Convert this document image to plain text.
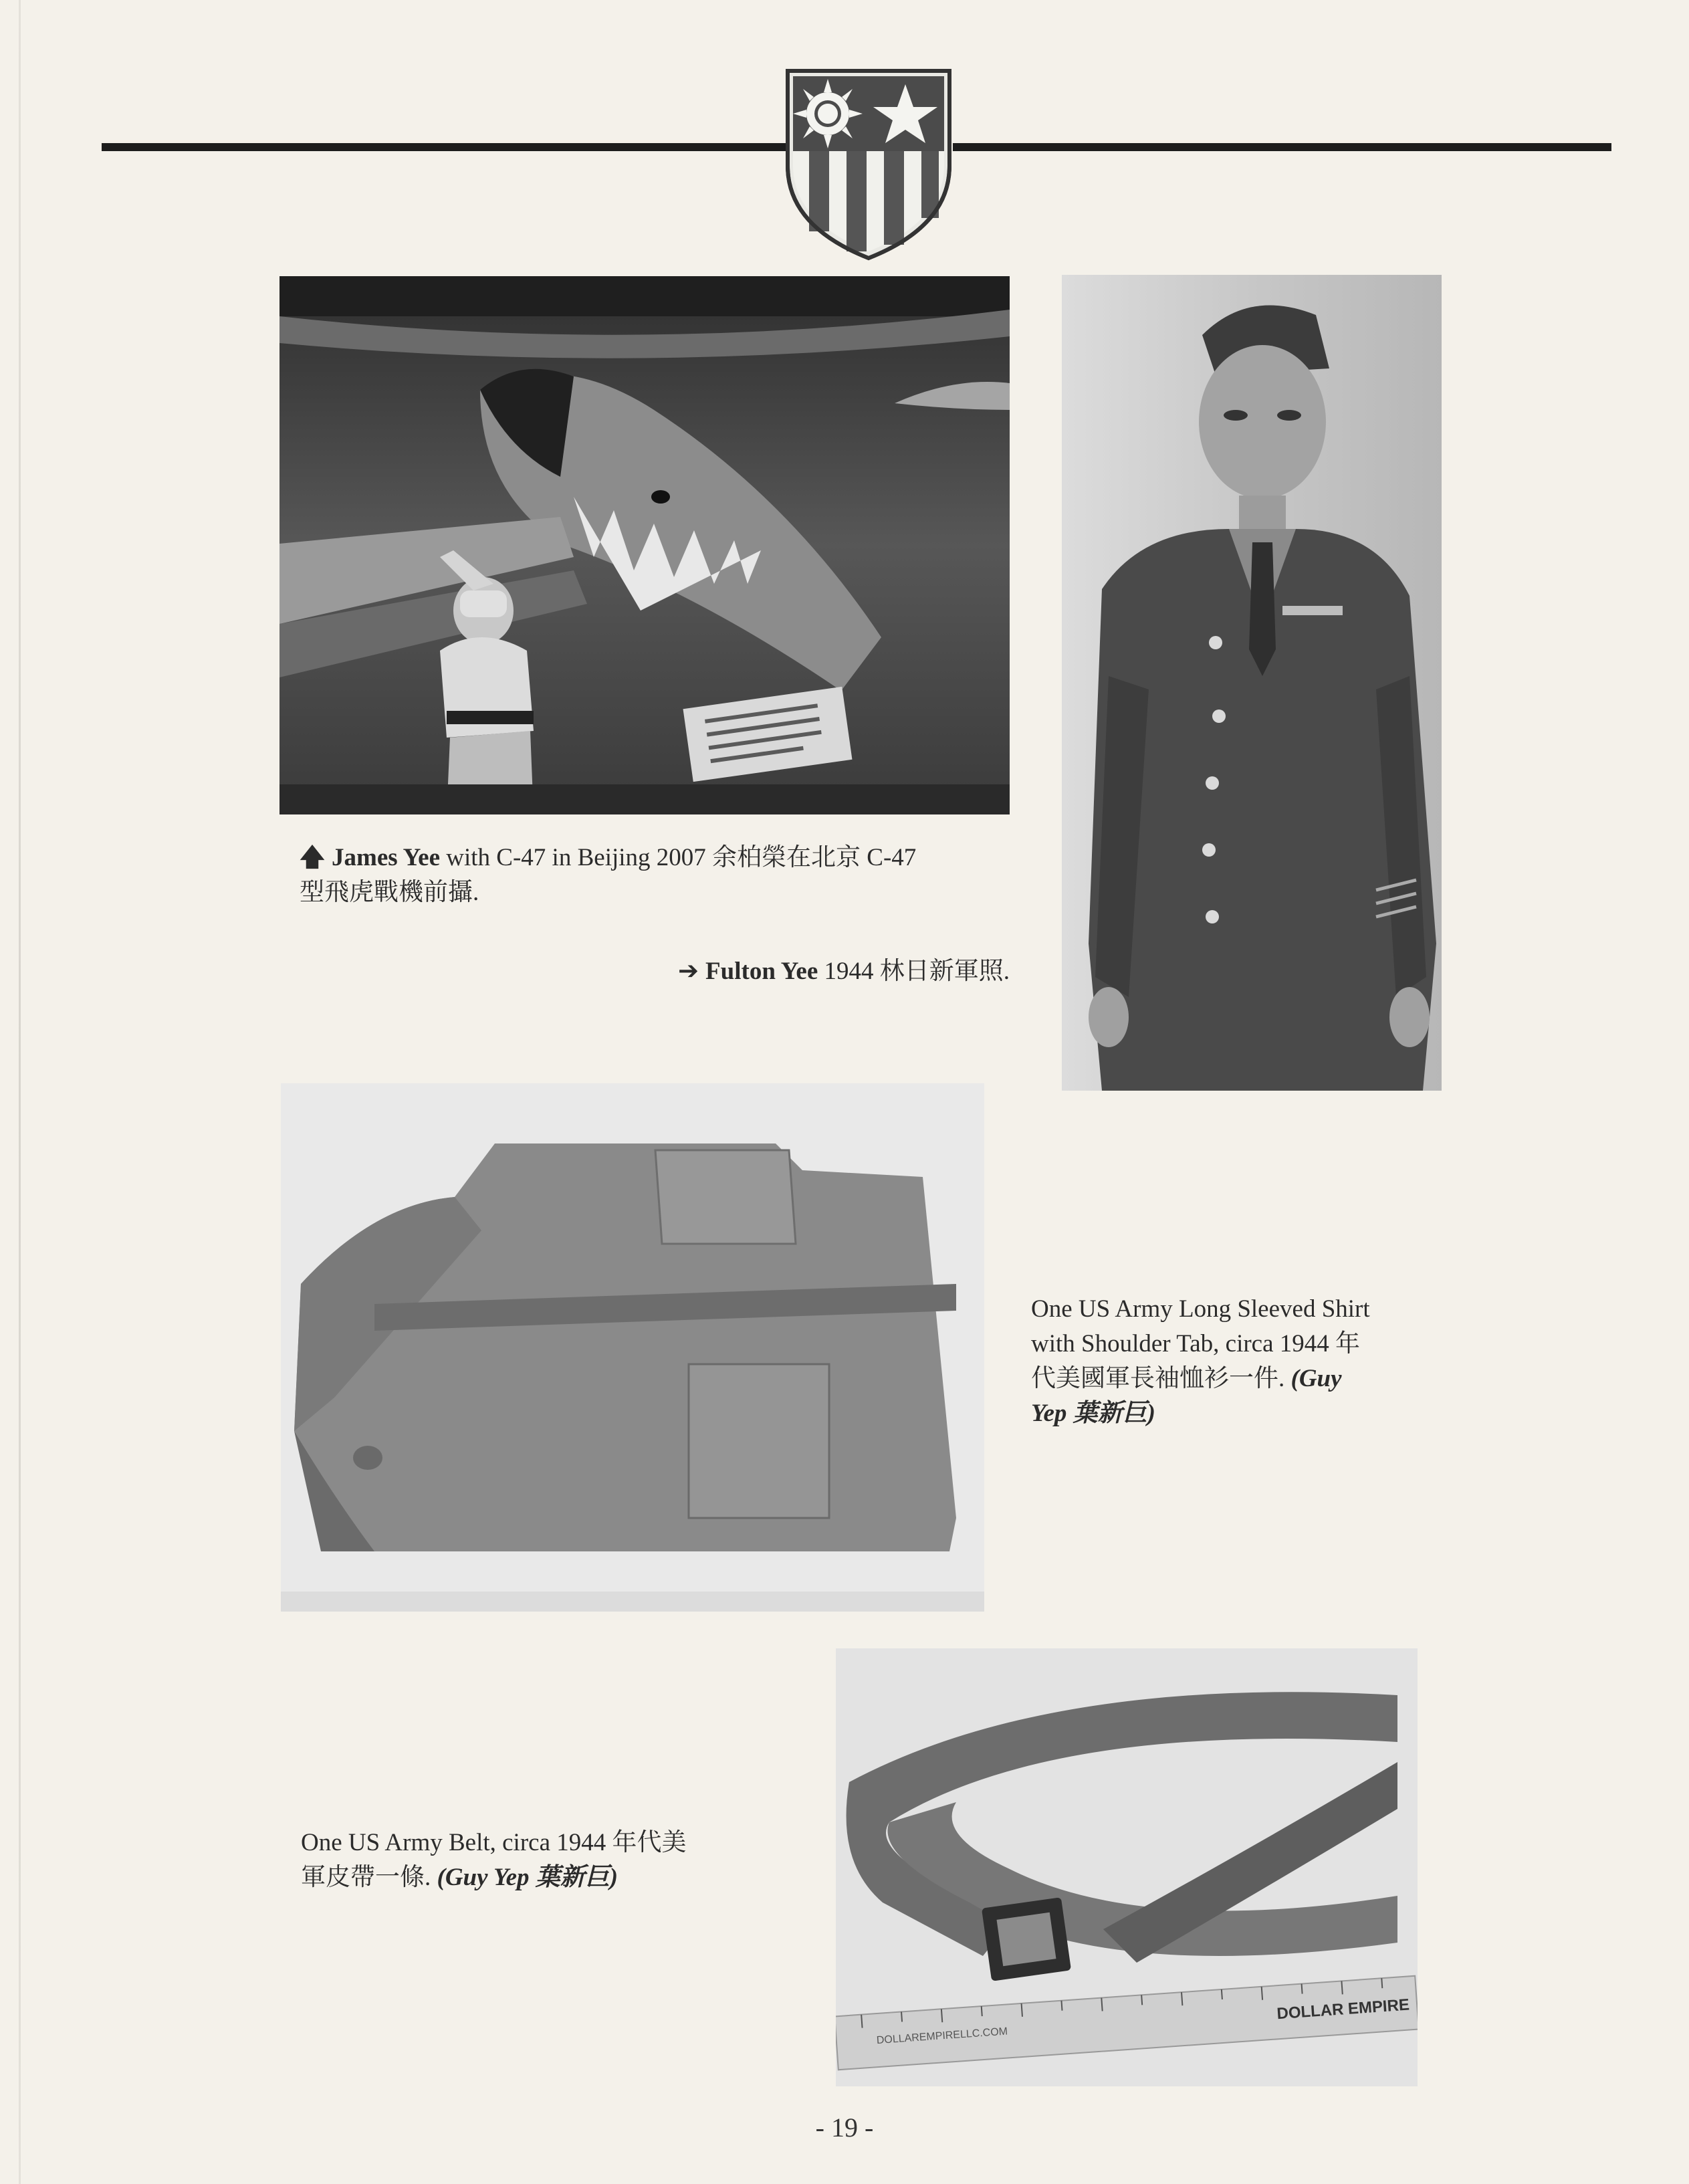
DOLLAREMPIRELLC.COM
DOLLAR EMPIRE
🡅 James Yee with C-47 in Beijing 2007 余柏榮在北京 C-47
型飛虎戰機前攝.
➔ Fulton Yee 1944 林日新軍照.
One US Army Long Sleeved Shirt
with Shoulder Tab, circa 1944 年
代美國軍長袖恤衫一件. (Guy
Yep 葉新巨)
One US Army Belt, circa 1944 年代美
軍皮帶一條. (Guy Yep 葉新巨)
- 19 -
